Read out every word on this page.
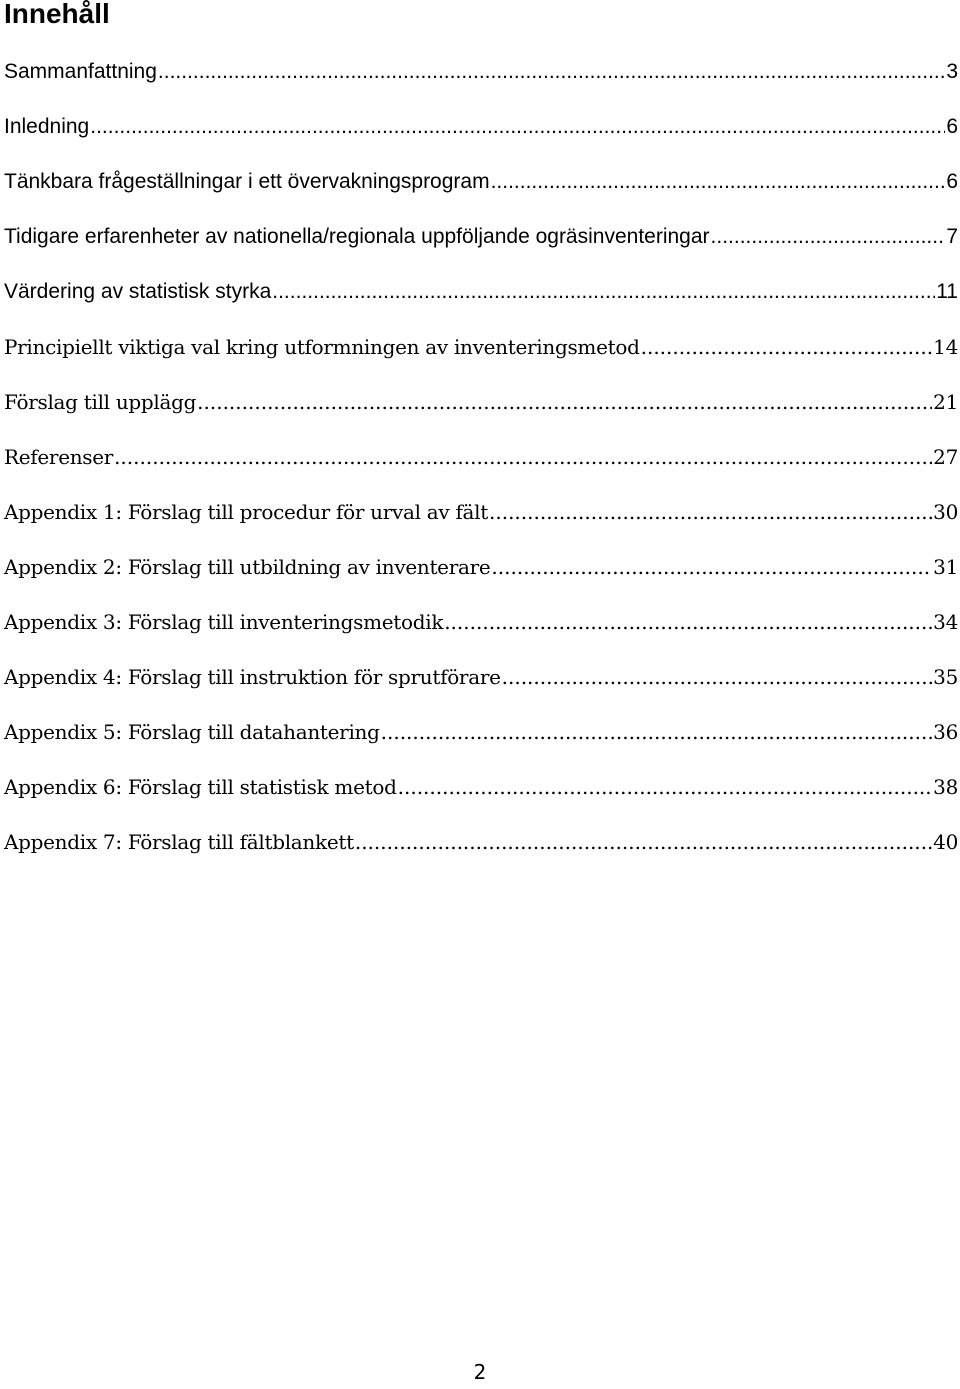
Innehåll
Sammanfattning .....	3
Inledning .....	6
Tänkbara frågeställningar i ett övervakningsprogram .....	6
Tidigare erfarenheter av nationella/regionala uppföljande ogräsinventeringar .....	7
Värdering av statistisk styrka .....	11
Principiellt viktiga val kring utformningen av inventeringsmetod .....	14
Förslag till upplägg .....	21
Referenser .....	27
Appendix 1: Förslag till procedur för urval av fält .....	30
Appendix 2: Förslag till utbildning av inventerare .....	31
Appendix 3: Förslag till inventeringsmetodik .....	34
Appendix 4: Förslag till instruktion för sprutförare .....	35
Appendix 5: Förslag till datahantering .....	36
Appendix 6: Förslag till statistisk metod .....	38
Appendix 7: Förslag till fältblankett .....	40
2
